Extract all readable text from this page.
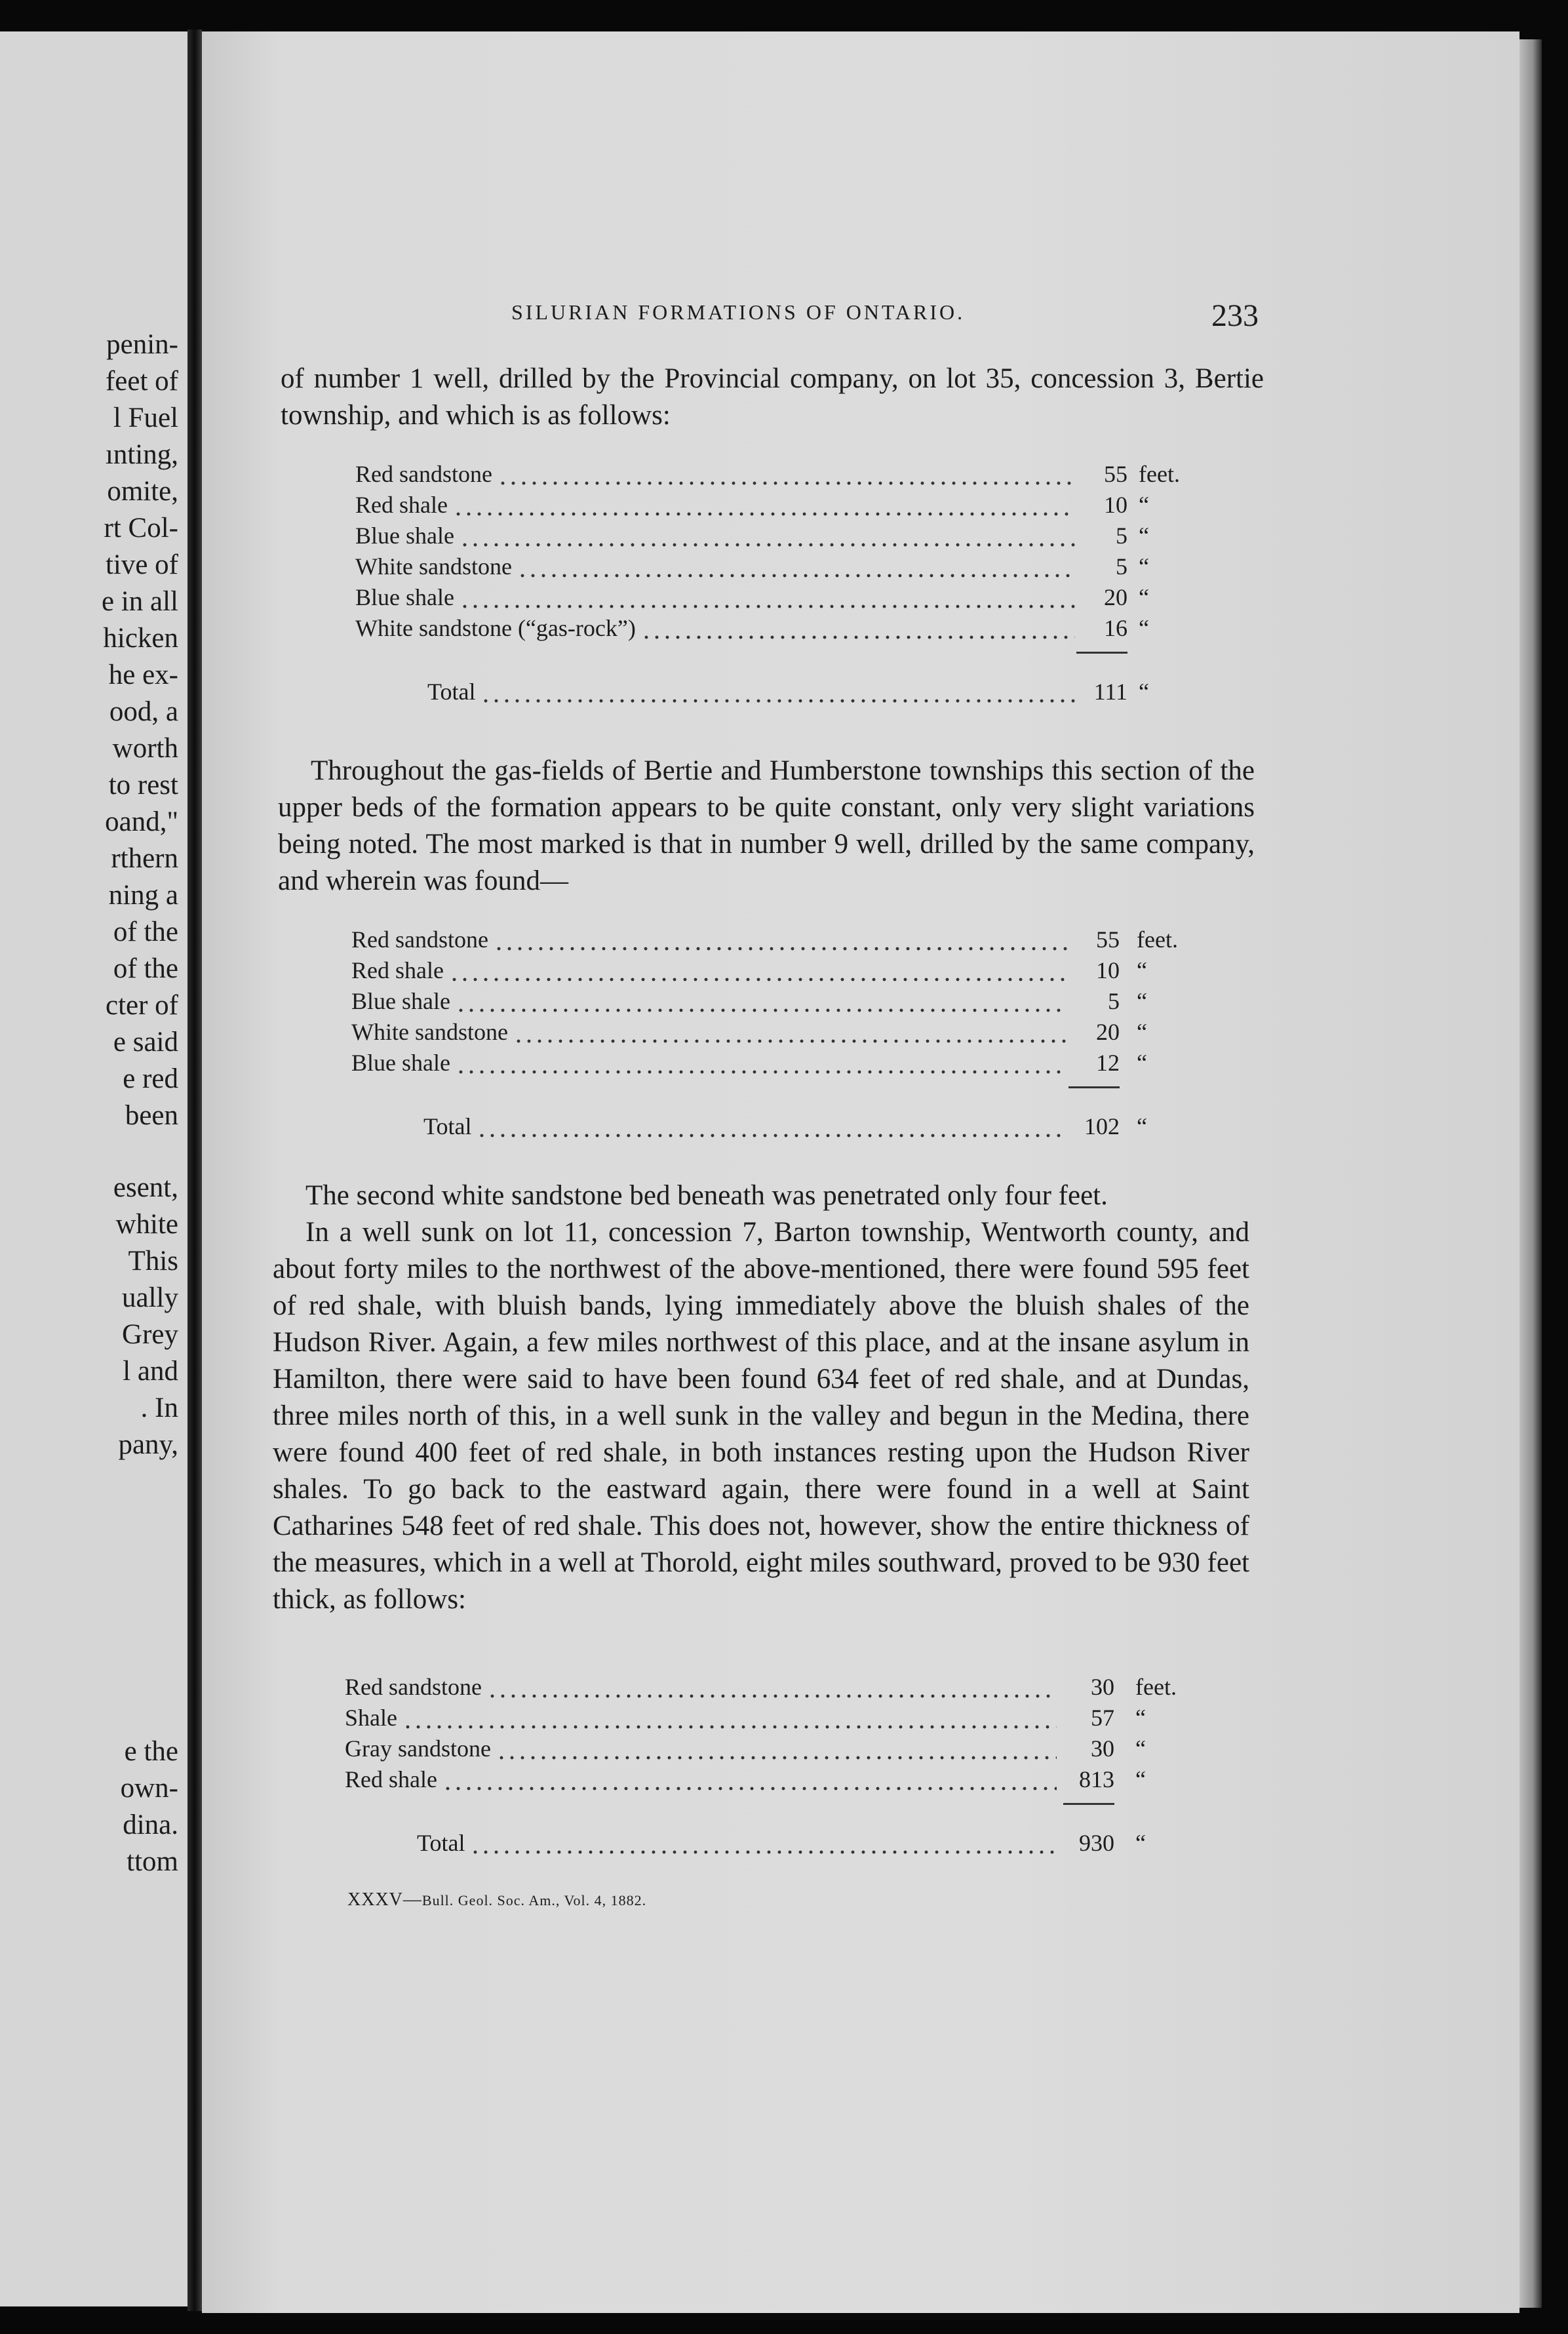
penin-
feet of
l Fuel
ınting,
omite,
rt Col-
tive of
e in all
hicken
he ex-
ood, a
worth
to rest
oand,"
rthern
ning a
of the
of the
cter of
e said
e red
been
esent,
white
This
ually
Grey
l and
. In
pany,
e the
own-
dina.
ttom
SILURIAN FORMATIONS OF ONTARIO.	233
of number 1 well, drilled by the Provincial company, on lot 35, concession 3, Bertie township, and which is as follows:
Red sandstone	55 feet.
Red shale	10 “
Blue shale	5 “
White sandstone	5 “
Blue shale	20 “
White sandstone (“gas-rock”)	16 “
Total	111 “
Throughout the gas-fields of Bertie and Humberstone townships this section of the upper beds of the formation appears to be quite constant, only very slight variations being noted. The most marked is that in number 9 well, drilled by the same company, and wherein was found—
Red sandstone	55 feet.
Red shale	10 “
Blue shale	5 “
White sandstone	20 “
Blue shale	12 “
Total	102 “
The second white sandstone bed beneath was penetrated only four feet.
In a well sunk on lot 11, concession 7, Barton township, Wentworth county, and about forty miles to the northwest of the above-mentioned, there were found 595 feet of red shale, with bluish bands, lying immediately above the bluish shales of the Hudson River. Again, a few miles northwest of this place, and at the insane asylum in Hamilton, there were said to have been found 634 feet of red shale, and at Dundas, three miles north of this, in a well sunk in the valley and begun in the Medina, there were found 400 feet of red shale, in both instances resting upon the Hudson River shales. To go back to the eastward again, there were found in a well at Saint Catharines 548 feet of red shale. This does not, however, show the entire thickness of the measures, which in a well at Thorold, eight miles southward, proved to be 930 feet thick, as follows:
Red sandstone	30 feet.
Shale	57 “
Gray sandstone	30 “
Red shale	813 “
Total	930 “
XXXV—Bull. Geol. Soc. Am., Vol. 4, 1882.
